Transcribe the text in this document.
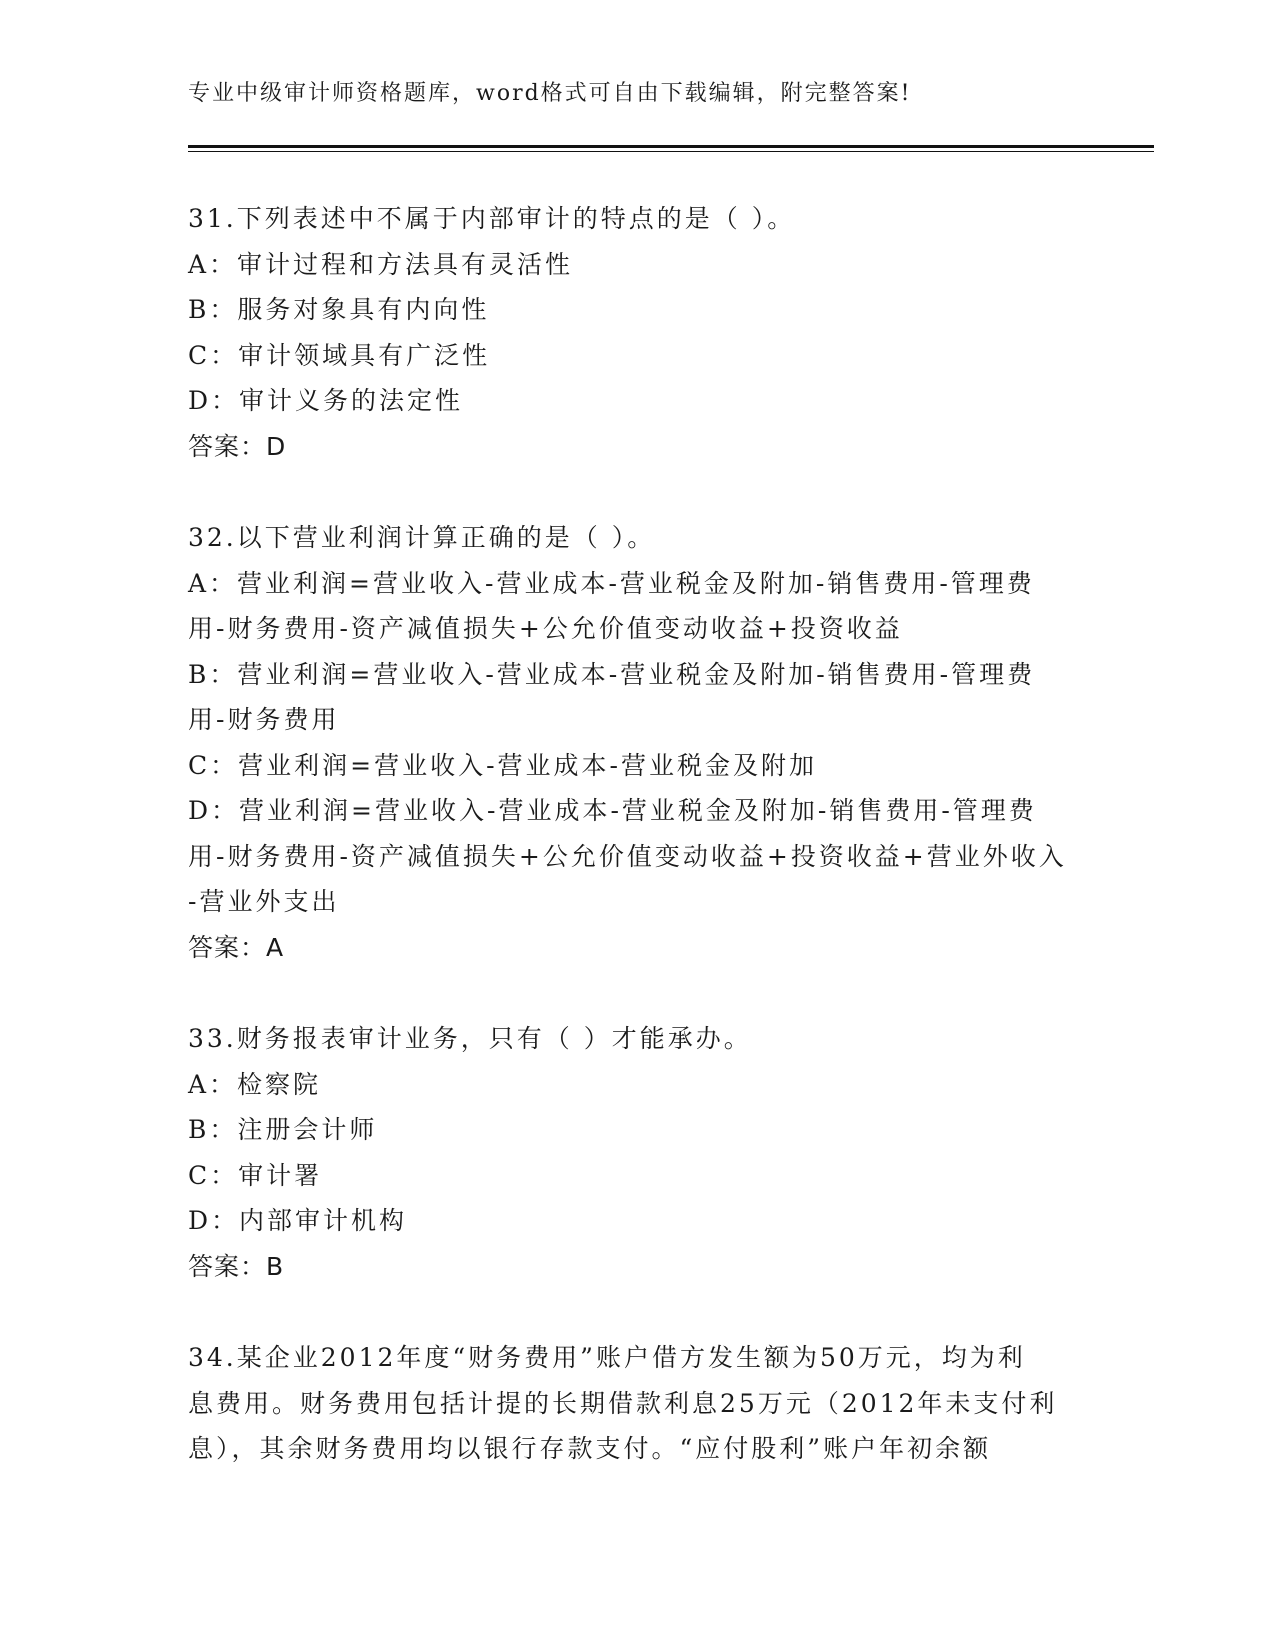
专业中级审计师资格题库，word格式可自由下载编辑，附完整答案!
31.下列表述中不属于内部审计的特点的是（ ）。
A：审计过程和方法具有灵活性
B：服务对象具有内向性
C：审计领域具有广泛性
D：审计义务的法定性
答案：D
32.以下营业利润计算正确的是（ ）。
A：营业利润=营业收入-营业成本-营业税金及附加-销售费用-管理费
用-财务费用-资产减值损失+公允价值变动收益+投资收益
B：营业利润=营业收入-营业成本-营业税金及附加-销售费用-管理费
用-财务费用
C：营业利润=营业收入-营业成本-营业税金及附加
D：营业利润=营业收入-营业成本-营业税金及附加-销售费用-管理费
用-财务费用-资产减值损失+公允价值变动收益+投资收益+营业外收入
-营业外支出
答案：A
33.财务报表审计业务，只有（ ）才能承办。
A：检察院
B：注册会计师
C：审计署
D：内部审计机构
答案：B
34.某企业2012年度“财务费用”账户借方发生额为50万元，均为利
息费用。财务费用包括计提的长期借款利息25万元（2012年未支付利
息），其余财务费用均以银行存款支付。“应付股利”账户年初余额
